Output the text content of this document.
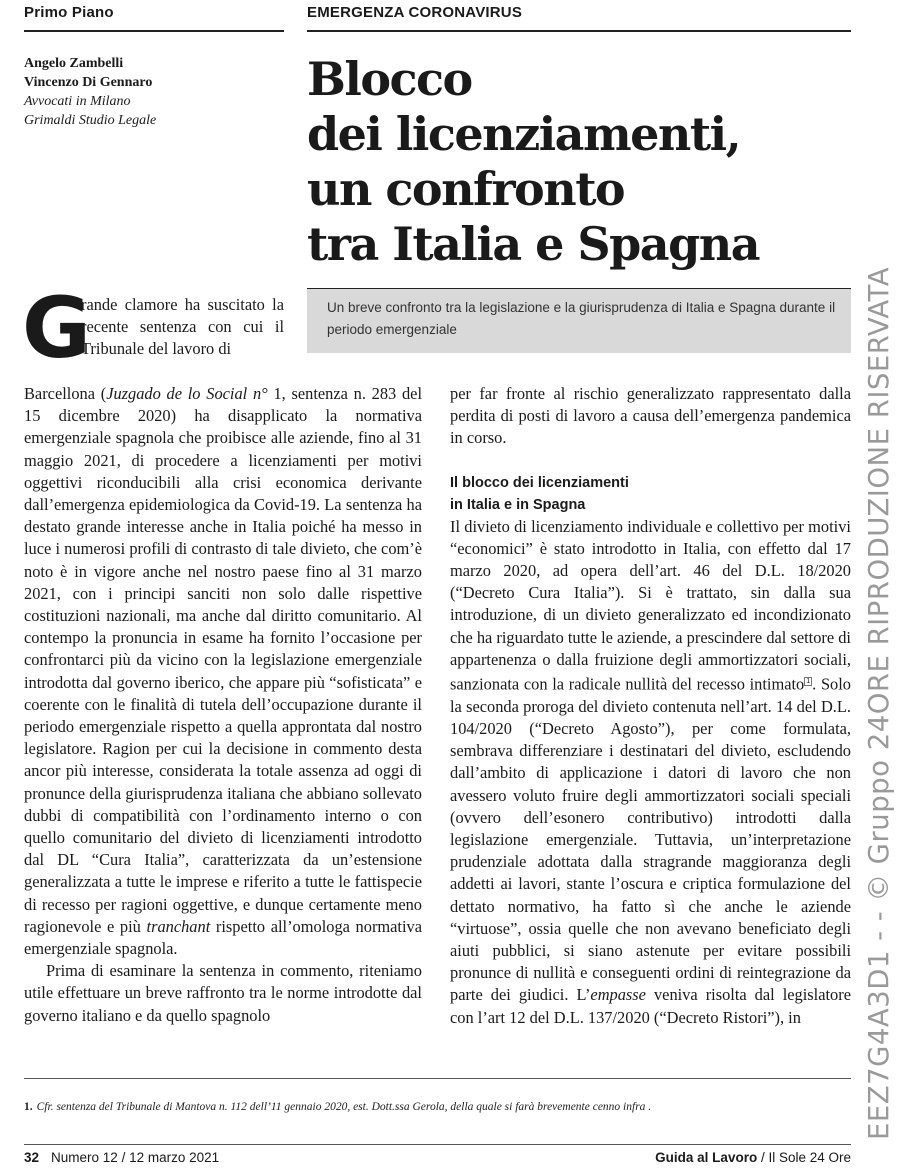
Primo Piano	EMERGENZA CORONAVIRUS
Angelo Zambelli
Vincenzo Di Gennaro
Avvocati in Milano
Grimaldi Studio Legale
Blocco
dei licenziamenti,
un confronto
tra Italia e Spagna
Un breve confronto tra la legislazione e la giurisprudenza di Italia e Spagna durante il periodo emergenziale
G

rande clamore ha suscitato la recente sentenza con cui il Tribunale del lavoro di

Barcellona (Juzgado de lo Social n° 1, sentenza n. 283 del 15 dicembre 2020) ha disapplicato la normativa emergenziale spagnola che proibisce alle aziende, fino al 31 maggio 2021, di procedere a licenziamenti per motivi oggettivi riconducibili alla crisi economica derivante dall’emergenza epidemiologica da Covid-19. La sentenza ha destato grande interesse anche in Italia poiché ha messo in luce i numerosi profili di contrasto di tale divieto, che com’è noto è in vigore anche nel nostro paese fino al 31 marzo 2021, con i principi sanciti non solo dalle rispettive costituzioni nazionali, ma anche dal diritto comunitario. Al contempo la pronuncia in esame ha fornito l’occasione per confrontarci più da vicino con la legislazione emergenziale introdotta dal governo iberico, che appare più “sofisticata” e coerente con le finalità di tutela dell’occupazione durante il periodo emergenziale rispetto a quella approntata dal nostro legislatore. Ragion per cui la decisione in commento desta ancor più interesse, considerata la totale assenza ad oggi di pronunce della giurisprudenza italiana che abbiano sollevato dubbi di compatibilità con l’ordinamento interno o con quello comunitario del divieto di licenziamenti introdotto dal DL “Cura Italia”, caratterizzata da un’estensione generalizzata a tutte le imprese e riferito a tutte le fattispecie di recesso per ragioni oggettive, e dunque certamente meno ragionevole e più tranchant rispetto all’omologa normativa emergenziale spagnola.

Prima di esaminare la sentenza in commento, riteniamo utile effettuare un breve raffronto tra le norme introdotte dal governo italiano e da quello spagnolo

per far fronte al rischio generalizzato rappresentato dalla perdita di posti di lavoro a causa dell’emergenza pandemica in corso.

Il blocco dei licenziamenti
in Italia e in Spagna

Il divieto di licenziamento individuale e collettivo per motivi “economici” è stato introdotto in Italia, con effetto dal 17 marzo 2020, ad opera dell’art. 46 del D.L. 18/2020 (“Decreto Cura Italia”). Si è trattato, sin dalla sua introduzione, di un divieto generalizzato ed incondizionato che ha riguardato tutte le aziende, a prescindere dal settore di appartenenza o dalla fruizione degli ammortizzatori sociali, sanzionata con la radicale nullità del recesso intimato $^1$ . Solo la seconda proroga del divieto contenuta nell’art. 14 del D.L. 104/2020 (“Decreto Agosto”), per come formulata, sembrava differenziare i destinatari del divieto, escludendo dall’ambito di applicazione i datori di lavoro che non avessero voluto fruire degli ammortizzatori sociali speciali (ovvero dell’esonero contributivo) introdotti dalla legislazione emergenziale. Tuttavia, un’interpretazione prudenziale adottata dalla stragrande maggioranza degli addetti ai lavori, stante l’oscura e criptica formulazione del dettato normativo, ha fatto sì che anche le aziende “virtuose”, ossia quelle che non avevano beneficiato degli aiuti pubblici, si siano astenute per evitare possibili pronunce di nullità e conseguenti ordini di reintegrazione da parte dei giudici. L’empasse veniva risolta dal legislatore con l’art 12 del D.L. 137/2020 (“Decreto Ristori”), in

1. Cfr. sentenza del Tribunale di Mantova n. 112 dell’11 gennaio 2020, est. Dott.ssa Gerola, della quale si farà brevemente cenno infra .
32 Numero 12 / 12 marzo 2021	Guida al Lavoro / Il Sole 24 Ore
EEZ7G4A3D1 - - © Gruppo 24ORE RIPRODUZIONE RISERVATA
